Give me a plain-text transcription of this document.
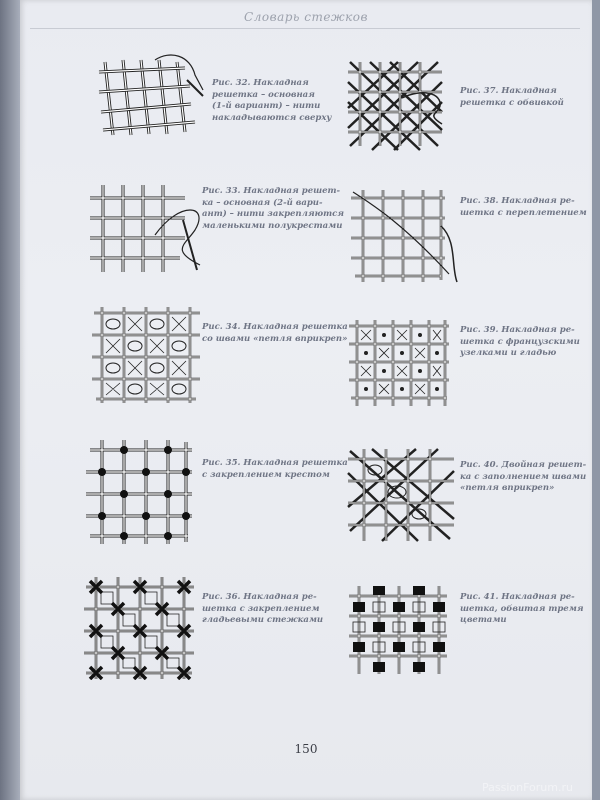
Словарь стежков
Рис. 32. Накладная
решетка – основная
(1-й вариант) – нити
накладываются сверху
Рис. 33. Накладная решет-
ка – основная (2-й вари-
ант) – нити закрепляются
маленькими полукрестами
Рис. 34. Накладная решетка
со швами «петля вприкреп»
Рис. 35. Накладная решетка
с закреплением крестом
Рис. 36. Накладная ре-
шетка с закреплением
гладьевыми стежками
Рис. 37. Накладная
решетка с обвивкой
Рис. 38. Накладная ре-
шетка с переплетением
Рис. 39. Накладная ре-
шетка с французскими
узелками и гладью
Рис. 40. Двойная решет-
ка с заполнением швами
«петля вприкреп»
Рис. 41. Накладная ре-
шетка, обвитая тремя
цветами
150
PassionForum.ru
